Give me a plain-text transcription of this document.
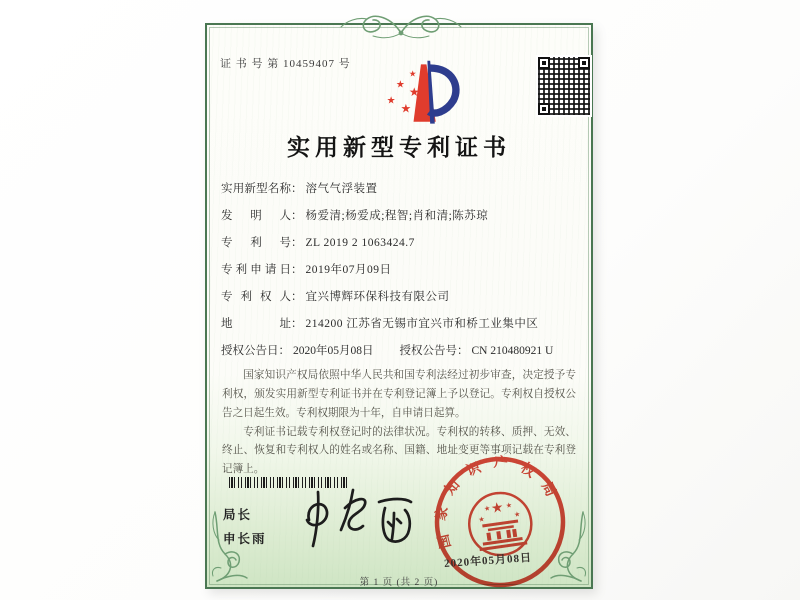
证 书 号 第 10459407 号
★
★ ★
★
★
实用新型专利证书
实用新型名称： 溶气气浮装置
发明人： 杨爱清;杨爱成;程智;肖和清;陈苏琼
专利号： ZL 2019 2 1063424.7
专利申请日： 2019年07月09日
专利权人： 宜兴博辉环保科技有限公司
地址： 214200 江苏省无锡市宜兴市和桥工业集中区
授权公告日： 2020年05月08日 授权公告号： CN 210480921 U

国家知识产权局依照中华人民共和国专利法经过初步审查，决定授予专利权，颁发实用新型专利证书并在专利登记簿上予以登记。专利权自授权公告之日起生效。专利权期限为十年，自申请日起算。

专利证书记载专利权登记时的法律状况。专利权的转移、质押、无效、终止、恢复和专利权人的姓名或名称、国籍、地址变更等事项记载在专利登记簿上。

局长
申长雨	国家知识产权局
★
★
★ ★
★
2020年05月08日
第 1 页 (共 2 页)
